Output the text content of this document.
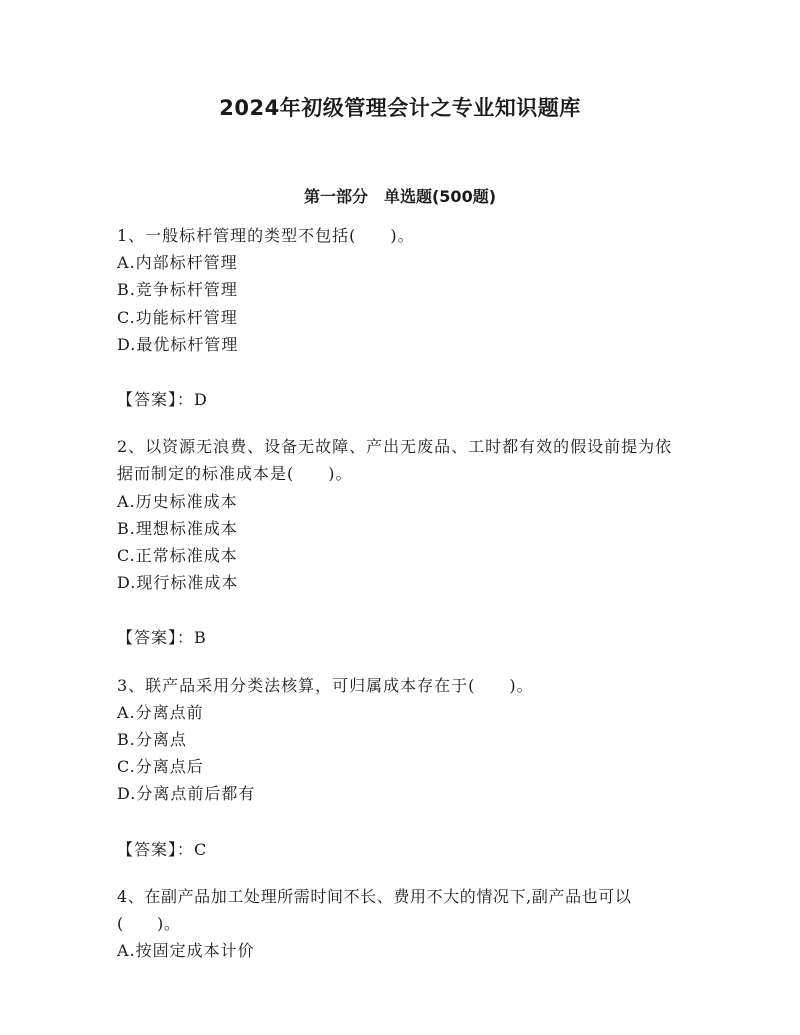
2024年初级管理会计之专业知识题库
第一部分　单选题(500题)

1、一般标杆管理的类型不包括(　　)。

A.内部标杆管理

B.竞争标杆管理

C.功能标杆管理

D.最优标杆管理

【答案】：D

2、以资源无浪费、设备无故障、产出无废品、工时都有效的假设前提为依据而制定的标准成本是(　　)。

A.历史标准成本

B.理想标准成本

C.正常标准成本

D.现行标准成本

【答案】：B

3、联产品采用分类法核算，可归属成本存在于(　　)。

A.分离点前

B.分离点

C.分离点后

D.分离点前后都有

【答案】：C

4、在副产品加工处理所需时间不长、费用不大的情况下,副产品也可以(　　)。

A.按固定成本计价
